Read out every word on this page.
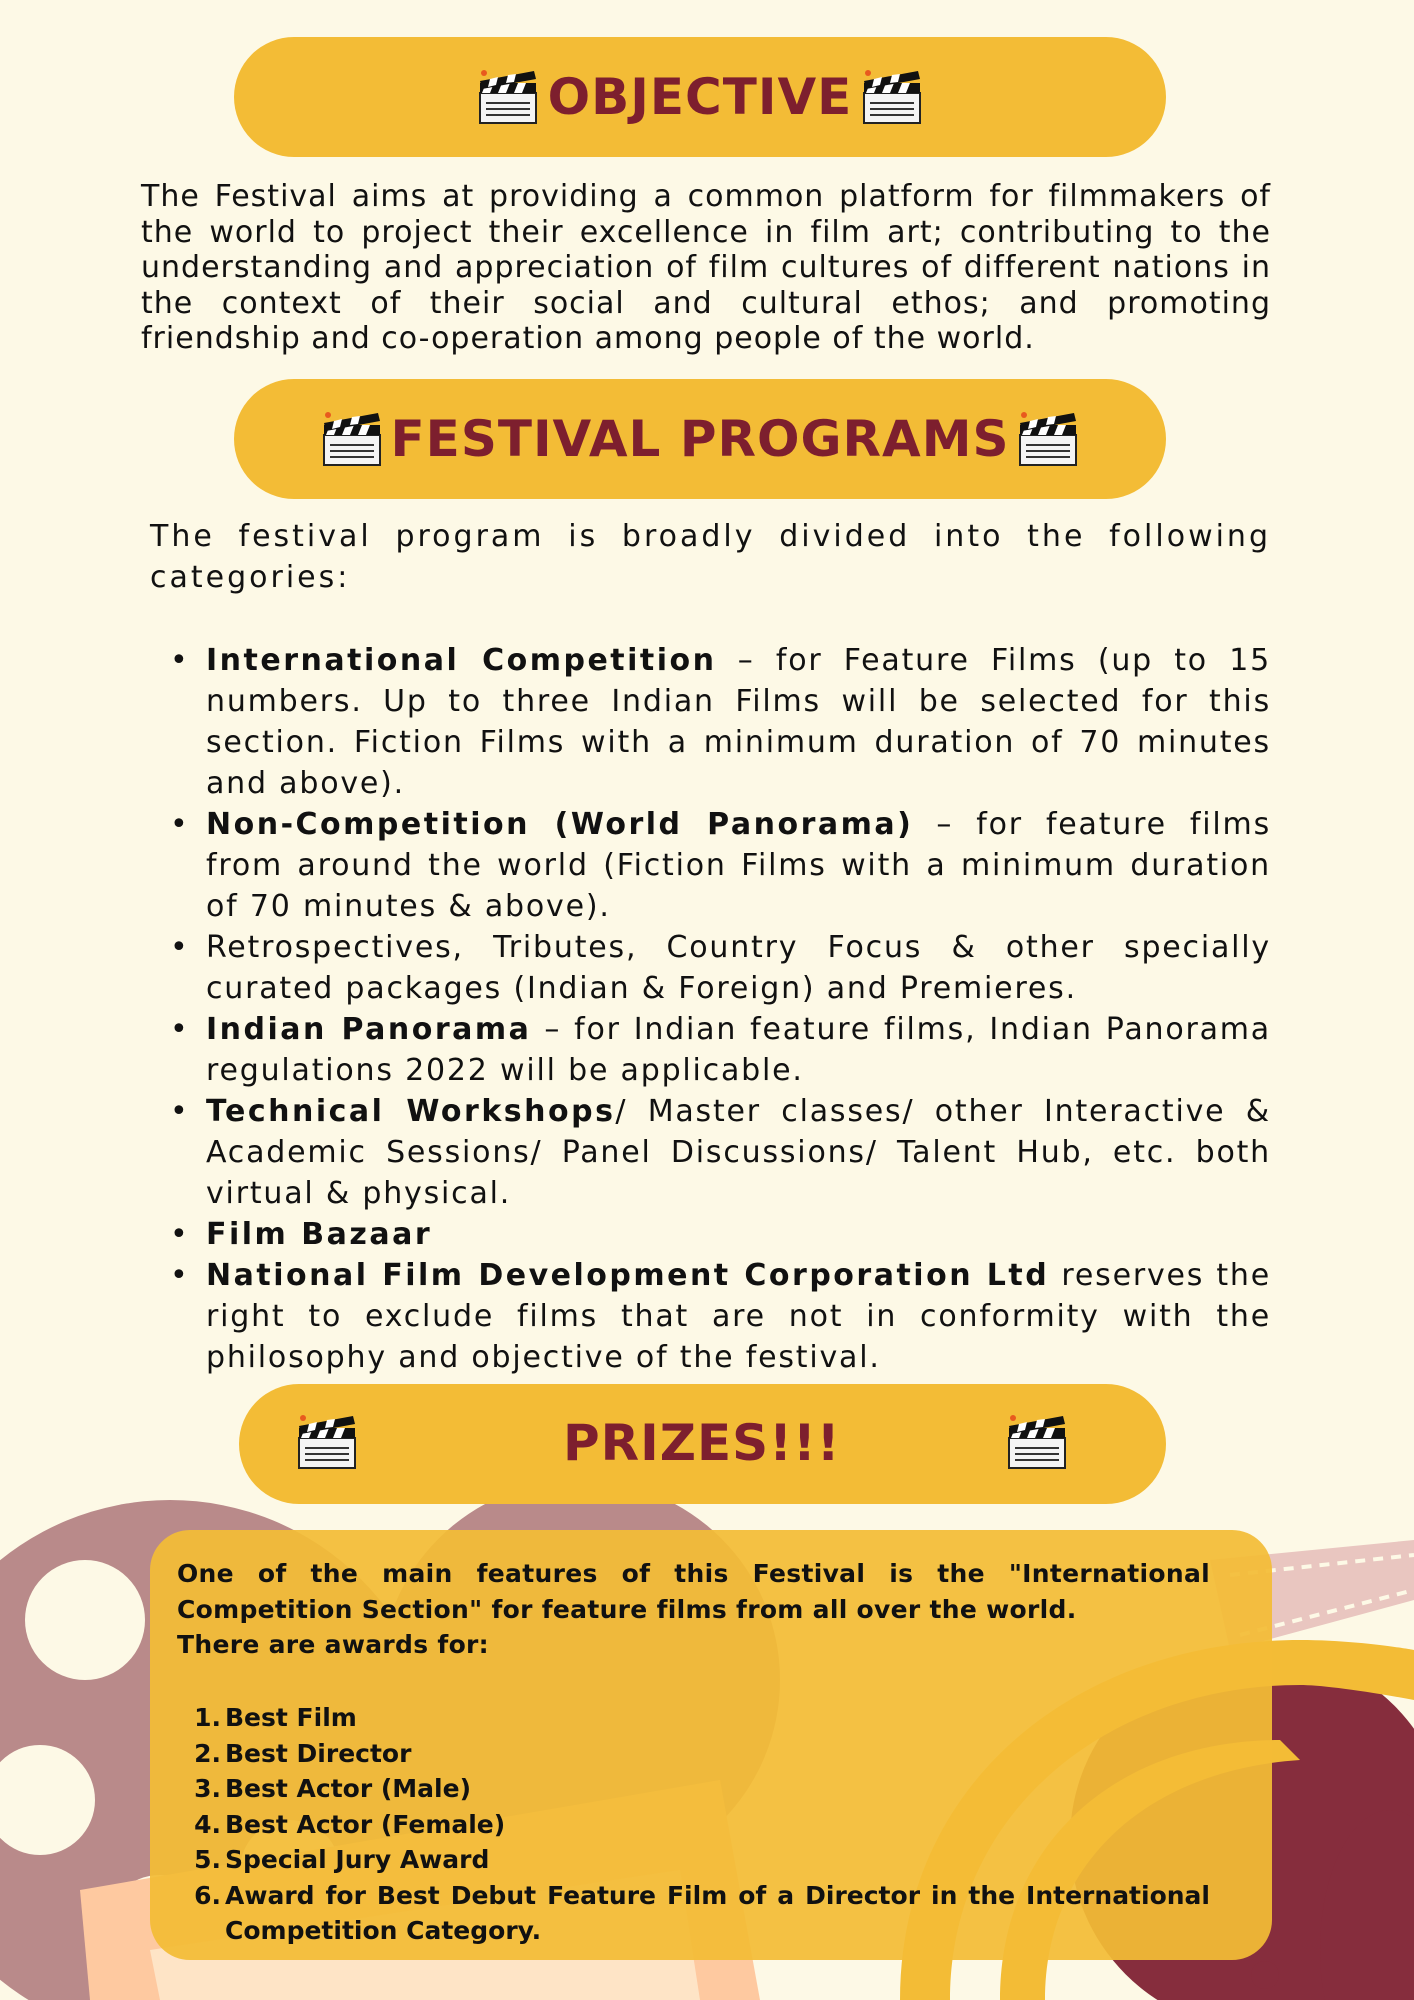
OBJECTIVE

The Festival aims at providing a common platform for filmmakers of the world to project their excellence in film art; contributing to the understanding and appreciation of film cultures of different nations in the context of their social and cultural ethos; and promoting friendship and co-operation among people of the world.

FESTIVAL PROGRAMS

The festival program is broadly divided into the following categories:

• International Competition – for Feature Films (up to 15 numbers. Up to three Indian Films will be selected for this section. Fiction Films with a minimum duration of 70 minutes and above).
• Non-Competition (World Panorama) – for feature films from around the world (Fiction Films with a minimum duration of 70 minutes & above).
• Retrospectives, Tributes, Country Focus & other specially curated packages (Indian & Foreign) and Premieres.
• Indian Panorama – for Indian feature films, Indian Panorama regulations 2022 will be applicable.
• Technical Workshops/ Master classes/ other Interactive & Academic Sessions/ Panel Discussions/ Talent Hub, etc. both virtual & physical.
• Film Bazaar
• National Film Development Corporation Ltd reserves the right to exclude films that are not in conformity with the philosophy and objective of the festival.
PRIZES!!!

One of the main features of this Festival is the "International Competition Section" for feature films from all over the world.
There are awards for:

1. Best Film
2. Best Director
3. Best Actor (Male)
4. Best Actor (Female)
5. Special Jury Award
6. Award for Best Debut Feature Film of a Director in the International Competition Category.
